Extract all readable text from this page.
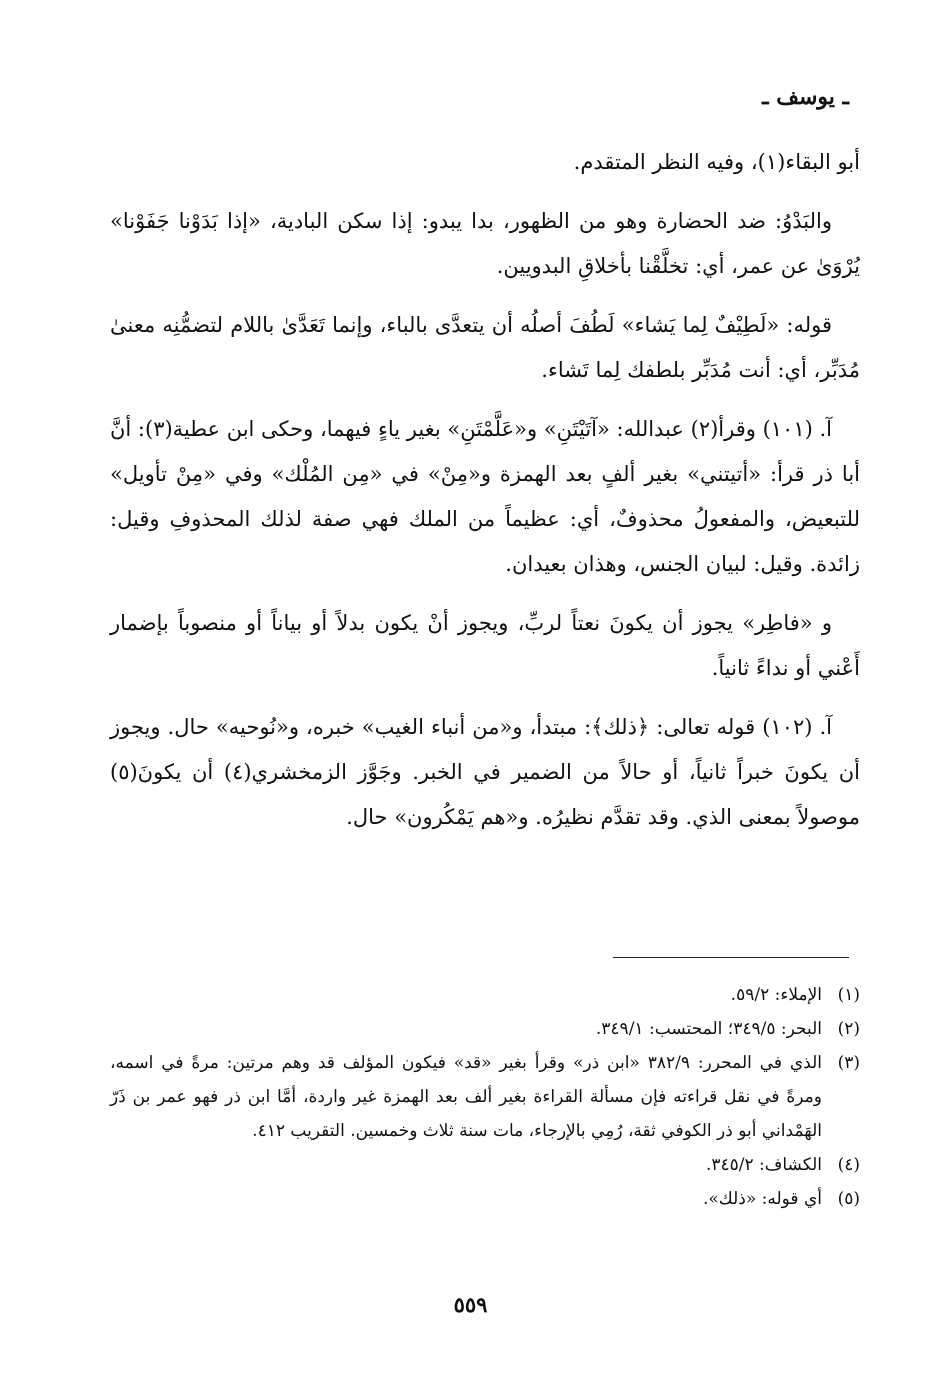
ـ يوسف ـ

أبو البقاء(١)، وفيه النظر المتقدم.

والبَدْوُ: ضد الحضارة وهو من الظهور، بدا يبدو: إذا سكن البادية، «إذا بَدَوْنا جَفَوْنا» يُرْوَىٰ عن عمر، أي: تخلَّقْنا بأخلاقِ البدويين.

قوله: «لَطِيْفٌ لِما يَشاء» لَطُفَ أصلُه أن يتعدَّى بالباء، وإنما تَعَدَّىٰ باللام لتضمُّنِه معنىٰ مُدَبِّر، أي: أنت مُدَبِّر بلطفك لِما تَشاء.

آ. (١٠١) وقرأ(٢) عبدالله: «آتَيْتَنِ» و«عَلَّمْتَنِ» بغير ياءٍ فيهما، وحكى ابن عطية(٣): أنَّ أبا ذر قرأ: «أتيتني» بغير ألفٍ بعد الهمزة و«مِنْ» في «مِن المُلْك» وفي «مِنْ تأويل» للتبعيض، والمفعولُ محذوفٌ، أي: عظيماً من الملك فهي صفة لذلك المحذوفِ وقيل: زائدة. وقيل: لبيان الجنس، وهذان بعيدان.

و «فاطِر» يجوز أن يكونَ نعتاً لربِّ، ويجوز أنْ يكون بدلاً أو بياناً أو منصوباً بإضمار أَعْني أو نداءً ثانياً.

آ. (١٠٢) قوله تعالى: ﴿ذلك﴾: مبتدأ، و«من أنباء الغيب» خبره، و«نُوحيه» حال. ويجوز أن يكونَ خبراً ثانياً، أو حالاً من الضمير في الخبر. وجَوَّز الزمخشري(٤) أن يكونَ(٥) موصولاً بمعنى الذي. وقد تقدَّم نظيرُه. و«هم يَمْكُرون» حال.

(١)
الإملاء: ٥٩/٢.

(٢)
البحر: ٣٤٩/٥؛ المحتسب: ٣٤٩/١.

(٣)
الذي في المحرر: ٣٨٢/٩ «ابن ذر» وقرأ بغير «قد» فيكون المؤلف قد وهم مرتين: مرةً في اسمه، ومرةً في نقل قراءته فإن مسألة القراءة بغير ألف بعد الهمزة غير واردة، أمَّا ابن ذر فهو عمر بن ذَرّ الهَمْداني أبو ذر الكوفي ثقة، رُمِي بالإرجاء، مات سنة ثلاث وخمسين. التقريب ٤١٢.

(٤)
الكشاف: ٣٤٥/٢.

(٥)
أي قوله: «ذلك».

٥٥٩
